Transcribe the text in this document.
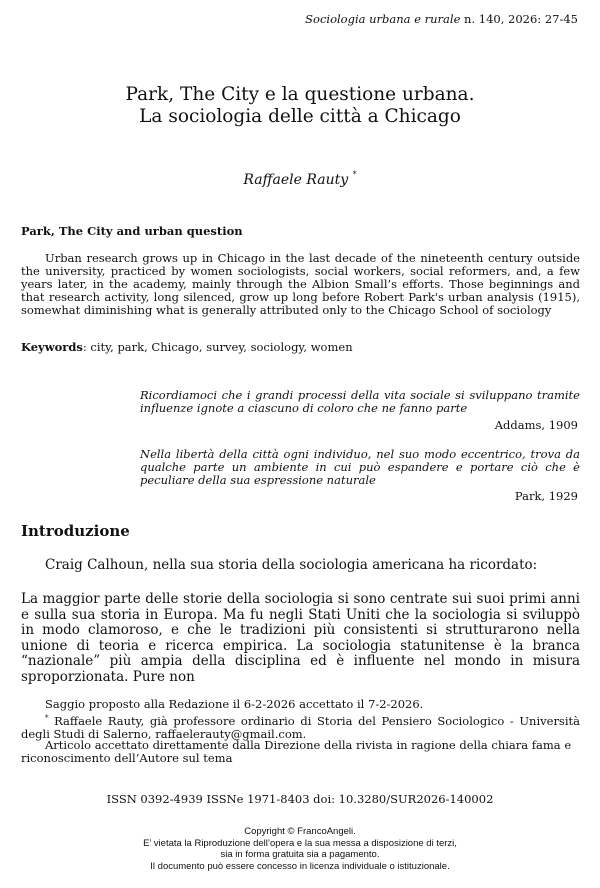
Sociologia urbana e rurale n. 140, 2026: 27-45
Park, The City e la questione urbana.
La sociologia delle città a Chicago
Raffaele Rauty *
Park, The City and urban question

Urban research grows up in Chicago in the last decade of the nineteenth century outside the university, practiced by women sociologists, social workers, social reformers, and, a few years later, in the academy, mainly through the Albion Small’s efforts. Those beginnings and that research activity, long silenced, grow up long before Robert Park's urban analysis (1915), somewhat diminishing what is generally attributed only to the Chicago School of sociology

Keywords: city, park, Chicago, survey, sociology, women
Ricordiamoci che i grandi processi della vita sociale si sviluppano tramite influenze ignote a ciascuno di coloro che ne fanno parte
Addams, 1909
Nella libertà della città ogni individuo, nel suo modo eccentrico, trova da qualche parte un ambiente in cui può espandere e portare ciò che è peculiare della sua espressione naturale
Park, 1929
Introduzione
Craig Calhoun, nella sua storia della sociologia americana ha ricordato:
La maggior parte delle storie della sociologia si sono centrate sui suoi primi anni e sulla sua storia in Europa. Ma fu negli Stati Uniti che la sociologia si sviluppò in modo clamoroso, e che le tradizioni più consistenti si strutturarono nella unione di teoria e ricerca empirica. La sociologia statunitense è la branca “nazionale” più ampia della disciplina ed è influente nel mondo in misura sproporzionata. Pure non
Saggio proposto alla Redazione il 6-2-2026 accettato il 7-2-2026.
* Raffaele Rauty, già professore ordinario di Storia del Pensiero Sociologico - Università degli Studi di Salerno, raffaelerauty@gmail.com.
Articolo accettato direttamente dalla Direzione della rivista in ragione della chiara fama e riconoscimento dell’Autore sul tema
ISSN 0392-4939 ISSNe 1971-8403 doi: 10.3280/SUR2026-140002
Copyright © FrancoAngeli.
E’ vietata la Riproduzione dell’opera e la sua messa a disposizione di terzi,
sia in forma gratuita sia a pagamento.
Il documento può essere concesso in licenza individuale o istituzionale.
